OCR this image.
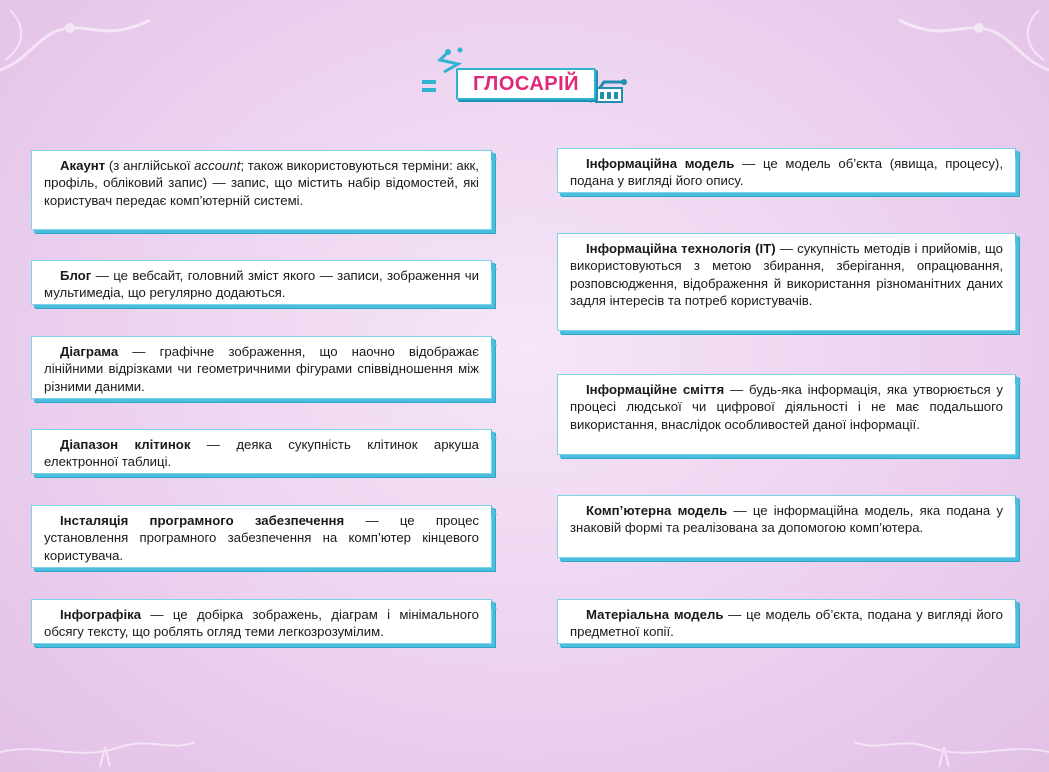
ГЛОСАРІЙ
Акаунт (з англійської account; також використовуються терміни: акк, профіль, обліковий запис) — запис, що містить набір відомостей, які користувач передає комп’ютерній системі.
Блог — це вебсайт, головний зміст якого — записи, зображення чи мультимедіа, що регулярно додаються.
Діаграма — графічне зображення, що наочно відображає лінійними відрізками чи геометричними фігурами співвідношення між різними даними.
Діапазон клітинок — деяка сукупність клітинок аркуша електронної таблиці.
Інсталяція програмного забезпечення — це процес установлення програмного забезпечення на комп’ютер кінцевого користувача.
Інфографіка — це добірка зображень, діаграм і мінімального обсягу тексту, що роблять огляд теми легкозрозумілим.
Інформаційна модель — це модель об’єкта (явища, процесу), подана у вигляді його опису.
Інформаційна технологія (ІТ) — сукупність методів і прийомів, що використовуються з метою збирання, зберігання, опрацювання, розповсюдження, відображення й використання різноманітних даних задля інтересів та потреб користувачів.
Інформаційне сміття — будь-яка інформація, яка утворюється у процесі людської чи цифрової діяльності і не має подальшого використання, внаслідок особливостей даної інформації.
Комп’ютерна модель — це інформаційна модель, яка подана у знаковій формі та реалізована за допомогою комп’ютера.
Матеріальна модель — це модель об’єкта, подана у вигляді його предметної копії.
